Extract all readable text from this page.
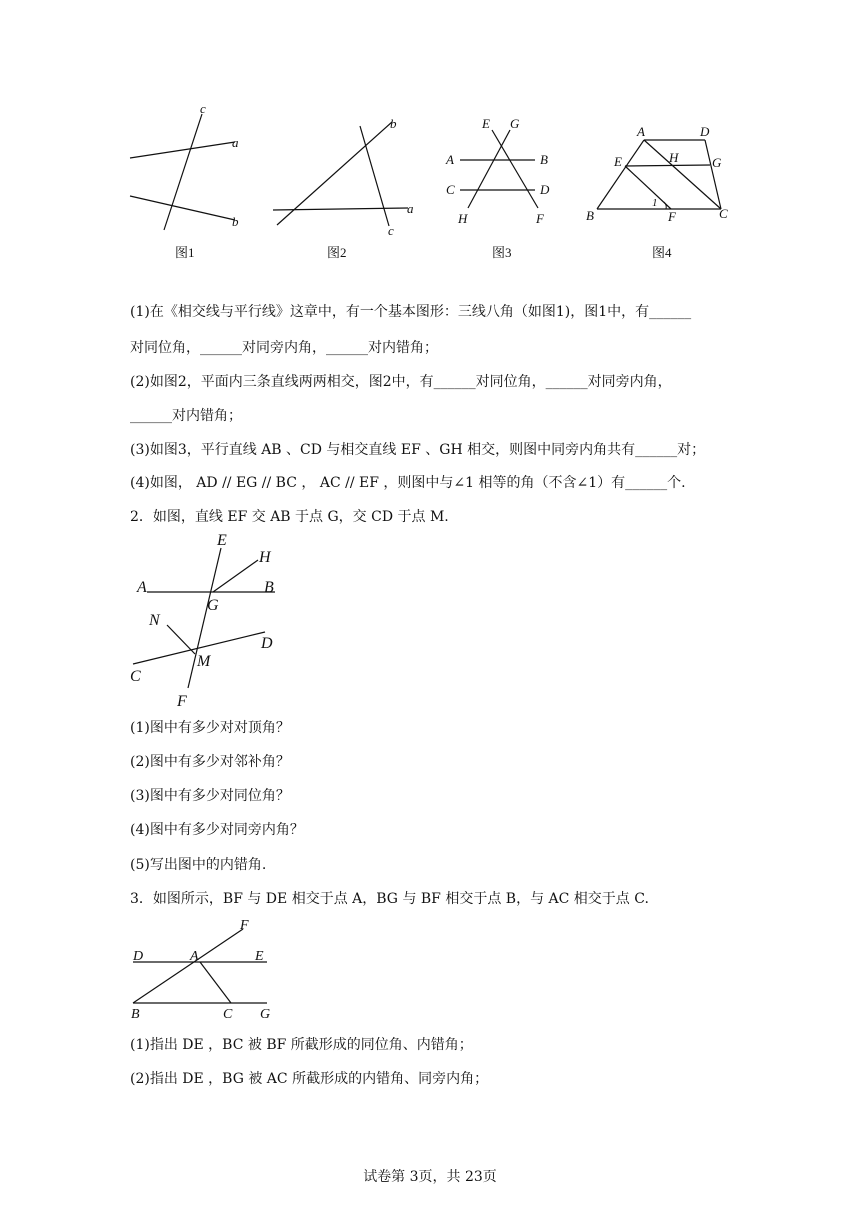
c
a
b
图1
b
a
c
图2
E G
A	B
C	D
H	F
图3
A	D
E	H	G
1
B	F	C
图4
(1)在《相交线与平行线》这章中，有一个基本图形：三线八角（如图1)，图1中，有______
对同位角，______对同旁内角，______对内错角；
(2)如图2，平面内三条直线两两相交，图2中，有______对同位角，______对同旁内角，
______对内错角；
(3)如图3，平行直线 AB 、CD 与相交直线 EF 、GH 相交，则图中同旁内角共有______对；
(4)如图， AD // EG // BC ， AC // EF ，则图中与∠1 相等的角（不含∠1）有______个.
2．如图，直线 EF 交 AB 于点 G，交 CD 于点 M.
E
H
A	B
G
N
D
M
C
F
(1)图中有多少对对顶角？
(2)图中有多少对邻补角？
(3)图中有多少对同位角？
(4)图中有多少对同旁内角？
(5)写出图中的内错角.
3．如图所示，BF 与 DE 相交于点 A，BG 与 BF 相交于点 B，与 AC 相交于点 C.
F
D	A	E
B	C G
(1)指出 DE ，BC 被 BF 所截形成的同位角、内错角；
(2)指出 DE ，BG 被 AC 所截形成的内错角、同旁内角；
试卷第 3页，共 23页
